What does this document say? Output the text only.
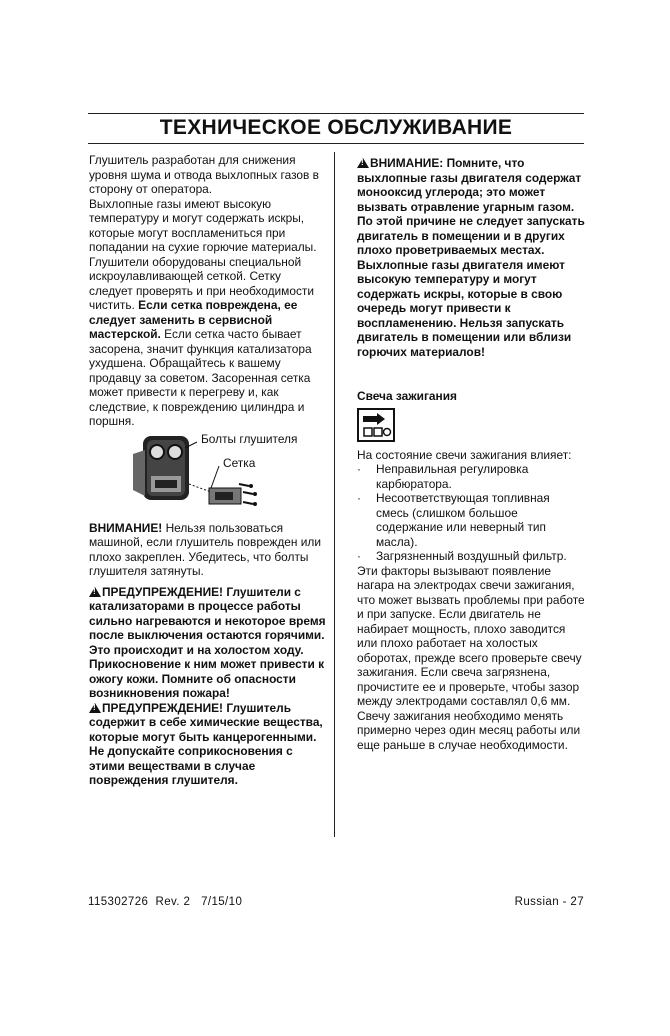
ТЕХНИЧЕСКОЕ ОБСЛУЖИВАНИЕ

Глушитель разработан для снижения уровня шума и отвода выхлопных газов в сторону от оператора.

Выхлопные газы имеют высокую температуру и могут содержать искры, которые могут воспламениться при попадании на сухие горючие материалы.

Глушители оборудованы специальной искроулавливающей сеткой. Сетку следует проверять и при необходимости чистить. Если сетка повреждена, ее следует заменить в сервисной мастерской. Если сетка часто бывает засорена, значит функция катализатора ухудшена. Обращайтесь к вашему продавцу за советом. Засоренная сетка может привести к перегреву и, как следствие, к повреждению цилиндра и поршня.

Болты глушителя
Сетка

ВНИМАНИЕ! Нельзя пользоваться машиной, если глушитель поврежден или плохо закреплен. Убедитесь, что болты глушителя затянуты.

!ПРЕДУПРЕЖДЕНИЕ! Глушители с катализаторами в процессе работы сильно нагреваются и некоторое время после выключения остаются горячими. Это происходит и на холостом ходу. Прикосновение к ним может привести к ожогу кожи. Помните об опасности возникновения пожара!

!ПРЕДУПРЕЖДЕНИЕ! Глушитель содержит в себе химические вещества, которые могут быть канцерогенными. Не допускайте соприкосновения с этими веществами в случае повреждения глушителя.

!ВНИМАНИЕ: Помните, что выхлопные газы двигателя содержат монооксид углерода; это может вызвать отравление угарным газом. По этой причине не следует запускать двигатель в помещении и в других плохо проветриваемых местах.

Выхлопные газы двигателя имеют высокую температуру и могут содержать искры, которые в свою очередь могут привести к воспламенению. Нельзя запускать двигатель в помещении или вблизи горючих материалов!

Свеча зажигания

На состояние свечи зажигания влияет:

·	Неправильная регулировка карбюратора.
·	Несоответствующая топливная смесь (слишком большое содержание или неверный тип масла).
·	Загрязненный воздушный фильтр.

Эти факторы вызывают появление нагара на электродах свечи зажигания, что может вызвать проблемы при работе и при запуске. Если двигатель не набирает мощность, плохо заводится или плохо работает на холостых оборотах, прежде всего проверьте свечу зажигания. Если свеча загрязнена, прочистите ее и проверьте, чтобы зазор между электродами составлял 0,6 мм. Свечу зажигания необходимо менять примерно через один месяц работы или еще раньше в случае необходимости.

115302726  Rev. 2   7/15/10	Russian - 27
